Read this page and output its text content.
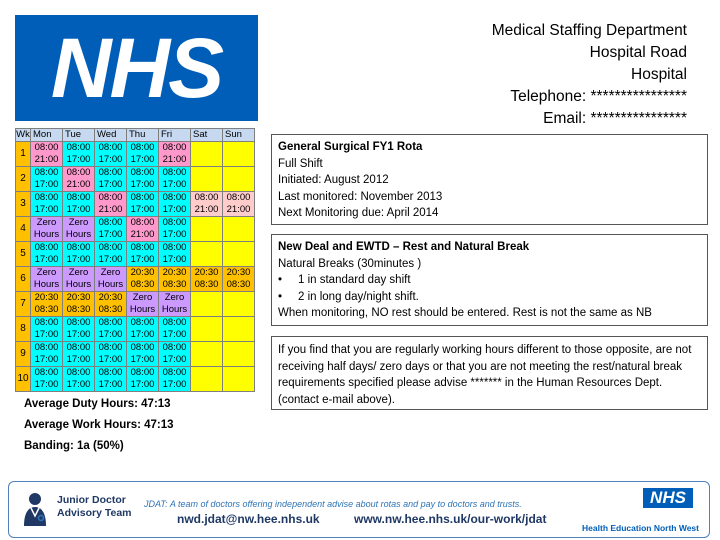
NHS	Medical Staffing Department
Hospital Road
Hospital
Telephone: ****************
Email: ****************
Wk	Mon	Tue	Wed	Thu	Fri	Sat	Sun
1	08:00 21:00	08:00 17:00	08:00 17:00	08:00 17:00	08:00 21:00		
2	08:00 17:00	08:00 21:00	08:00 17:00	08:00 17:00	08:00 17:00		
3	08:00 17:00	08:00 17:00	08:00 21:00	08:00 17:00	08:00 17:00	08:00 21:00	08:00 21:00
4	Zero Hours	Zero Hours	08:00 17:00	08:00 21:00	08:00 17:00		
5	08:00 17:00	08:00 17:00	08:00 17:00	08:00 17:00	08:00 17:00		
6	Zero Hours	Zero Hours	Zero Hours	20:30 08:30	20:30 08:30	20:30 08:30	20:30 08:30
7	20:30 08:30	20:30 08:30	20:30 08:30	Zero Hours	Zero Hours		
8	08:00 17:00	08:00 17:00	08:00 17:00	08:00 17:00	08:00 17:00		
9	08:00 17:00	08:00 17:00	08:00 17:00	08:00 17:00	08:00 17:00		
10	08:00 17:00	08:00 17:00	08:00 17:00	08:00 17:00	08:00 17:00		
Average Duty Hours: 47:13
Average Work Hours: 47:13
Banding: 1a (50%)
General Surgical FY1 Rota
Full Shift
Initiated: August 2012
Last monitored: November 2013
Next Monitoring due: April 2014
New Deal and EWTD – Rest and Natural Break
Natural Breaks (30minutes )
• 1 in standard day shift
• 2 in long day/night shift.
When monitoring, NO rest should be entered. Rest is not the same as NB
If you find that you are regularly working hours different to those opposite, are not receiving half days/ zero days or that you are not meeting the rest/natural break requirements specified please advise ******* in the Human Resources Dept. (contact e-mail above).
Junior Doctor
Advisory Team
JDAT: A team of doctors offering independent advise about rotas and pay to doctors and trusts.
nwd.jdat@nw.hee.nhs.uk	www.nw.hee.nhs.uk/our-work/jdat
NHS
Health Education North West
